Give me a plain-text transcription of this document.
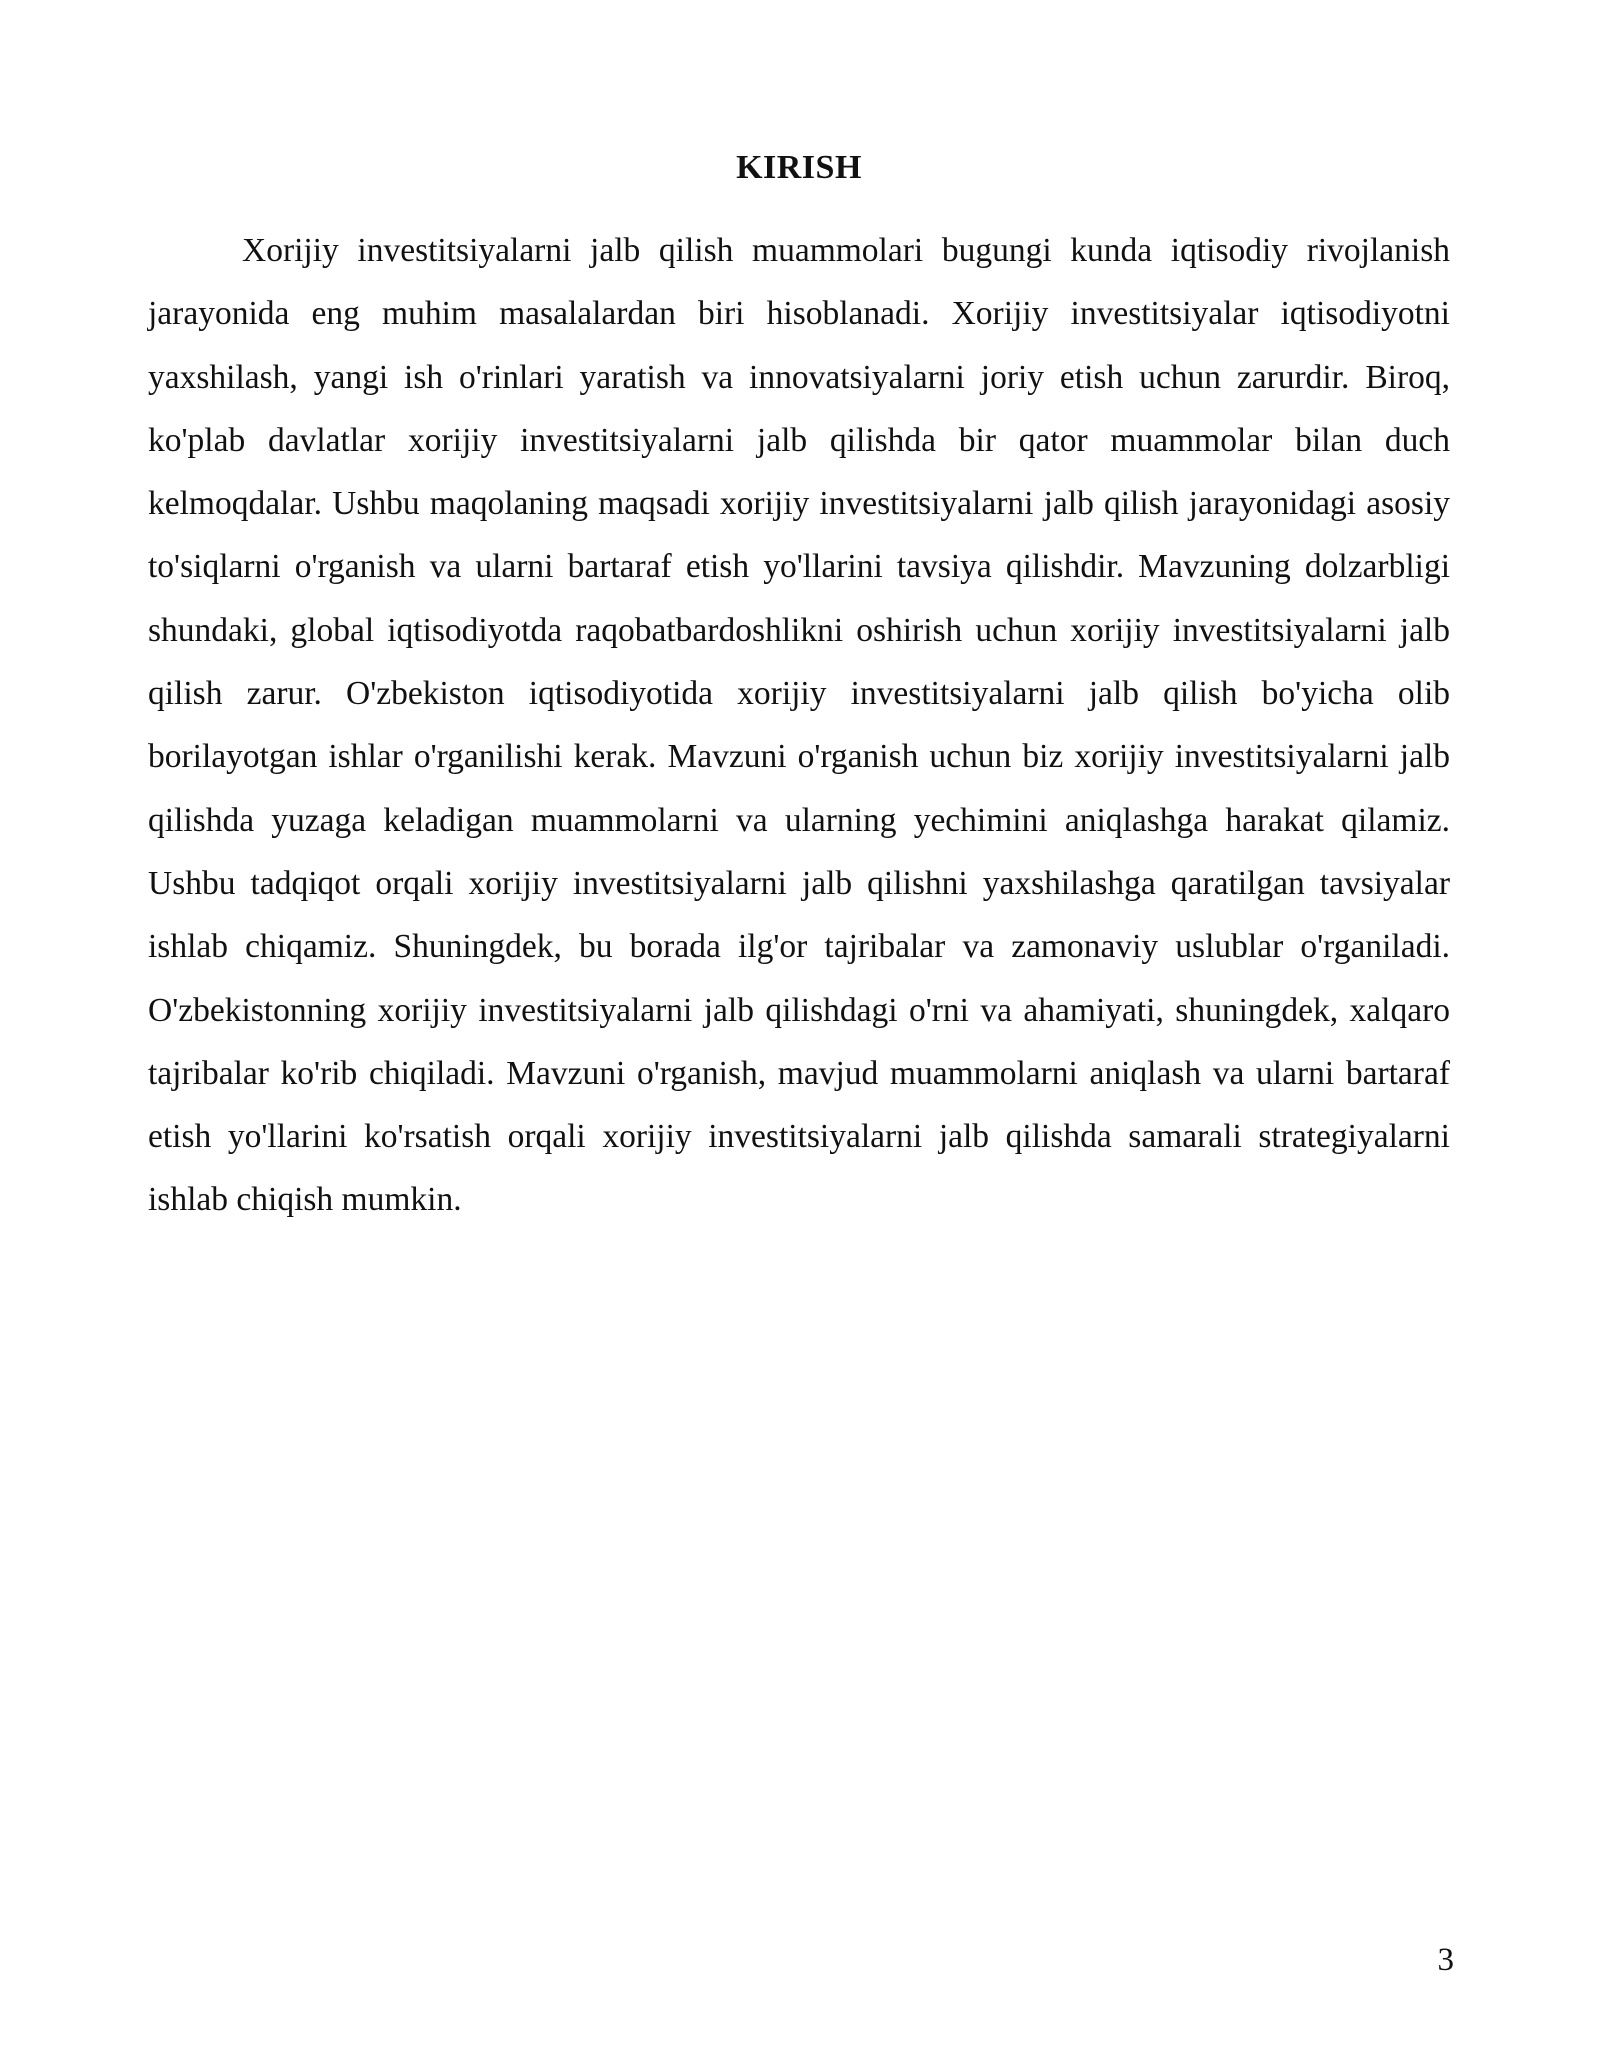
KIRISH

Xorijiy investitsiyalarni jalb qilish muammolari bugungi kunda iqtisodiy rivojlanish jarayonida eng muhim masalalardan biri hisoblanadi. Xorijiy investitsiyalar iqtisodiyotni yaxshilash, yangi ish o'rinlari yaratish va innovatsiyalarni joriy etish uchun zarurdir. Biroq, ko'plab davlatlar xorijiy investitsiyalarni jalb qilishda bir qator muammolar bilan duch kelmoqdalar. Ushbu maqolaning maqsadi xorijiy investitsiyalarni jalb qilish jarayonidagi asosiy to'siqlarni o'rganish va ularni bartaraf etish yo'llarini tavsiya qilishdir. Mavzuning dolzarbligi shundaki, global iqtisodiyotda raqobatbardoshlikni oshirish uchun xorijiy investitsiyalarni jalb qilish zarur. O'zbekiston iqtisodiyotida xorijiy investitsiyalarni jalb qilish bo'yicha olib borilayotgan ishlar o'rganilishi kerak. Mavzuni o'rganish uchun biz xorijiy investitsiyalarni jalb qilishda yuzaga keladigan muammolarni va ularning yechimini aniqlashga harakat qilamiz. Ushbu tadqiqot orqali xorijiy investitsiyalarni jalb qilishni yaxshilashga qaratilgan tavsiyalar ishlab chiqamiz. Shuningdek, bu borada ilg'or tajribalar va zamonaviy uslublar o'rganiladi. O'zbekistonning xorijiy investitsiyalarni jalb qilishdagi o'rni va ahamiyati, shuningdek, xalqaro tajribalar ko'rib chiqiladi. Mavzuni o'rganish, mavjud muammolarni aniqlash va ularni bartaraf etish yo'llarini ko'rsatish orqali xorijiy investitsiyalarni jalb qilishda samarali strategiyalarni ishlab chiqish mumkin.

3
